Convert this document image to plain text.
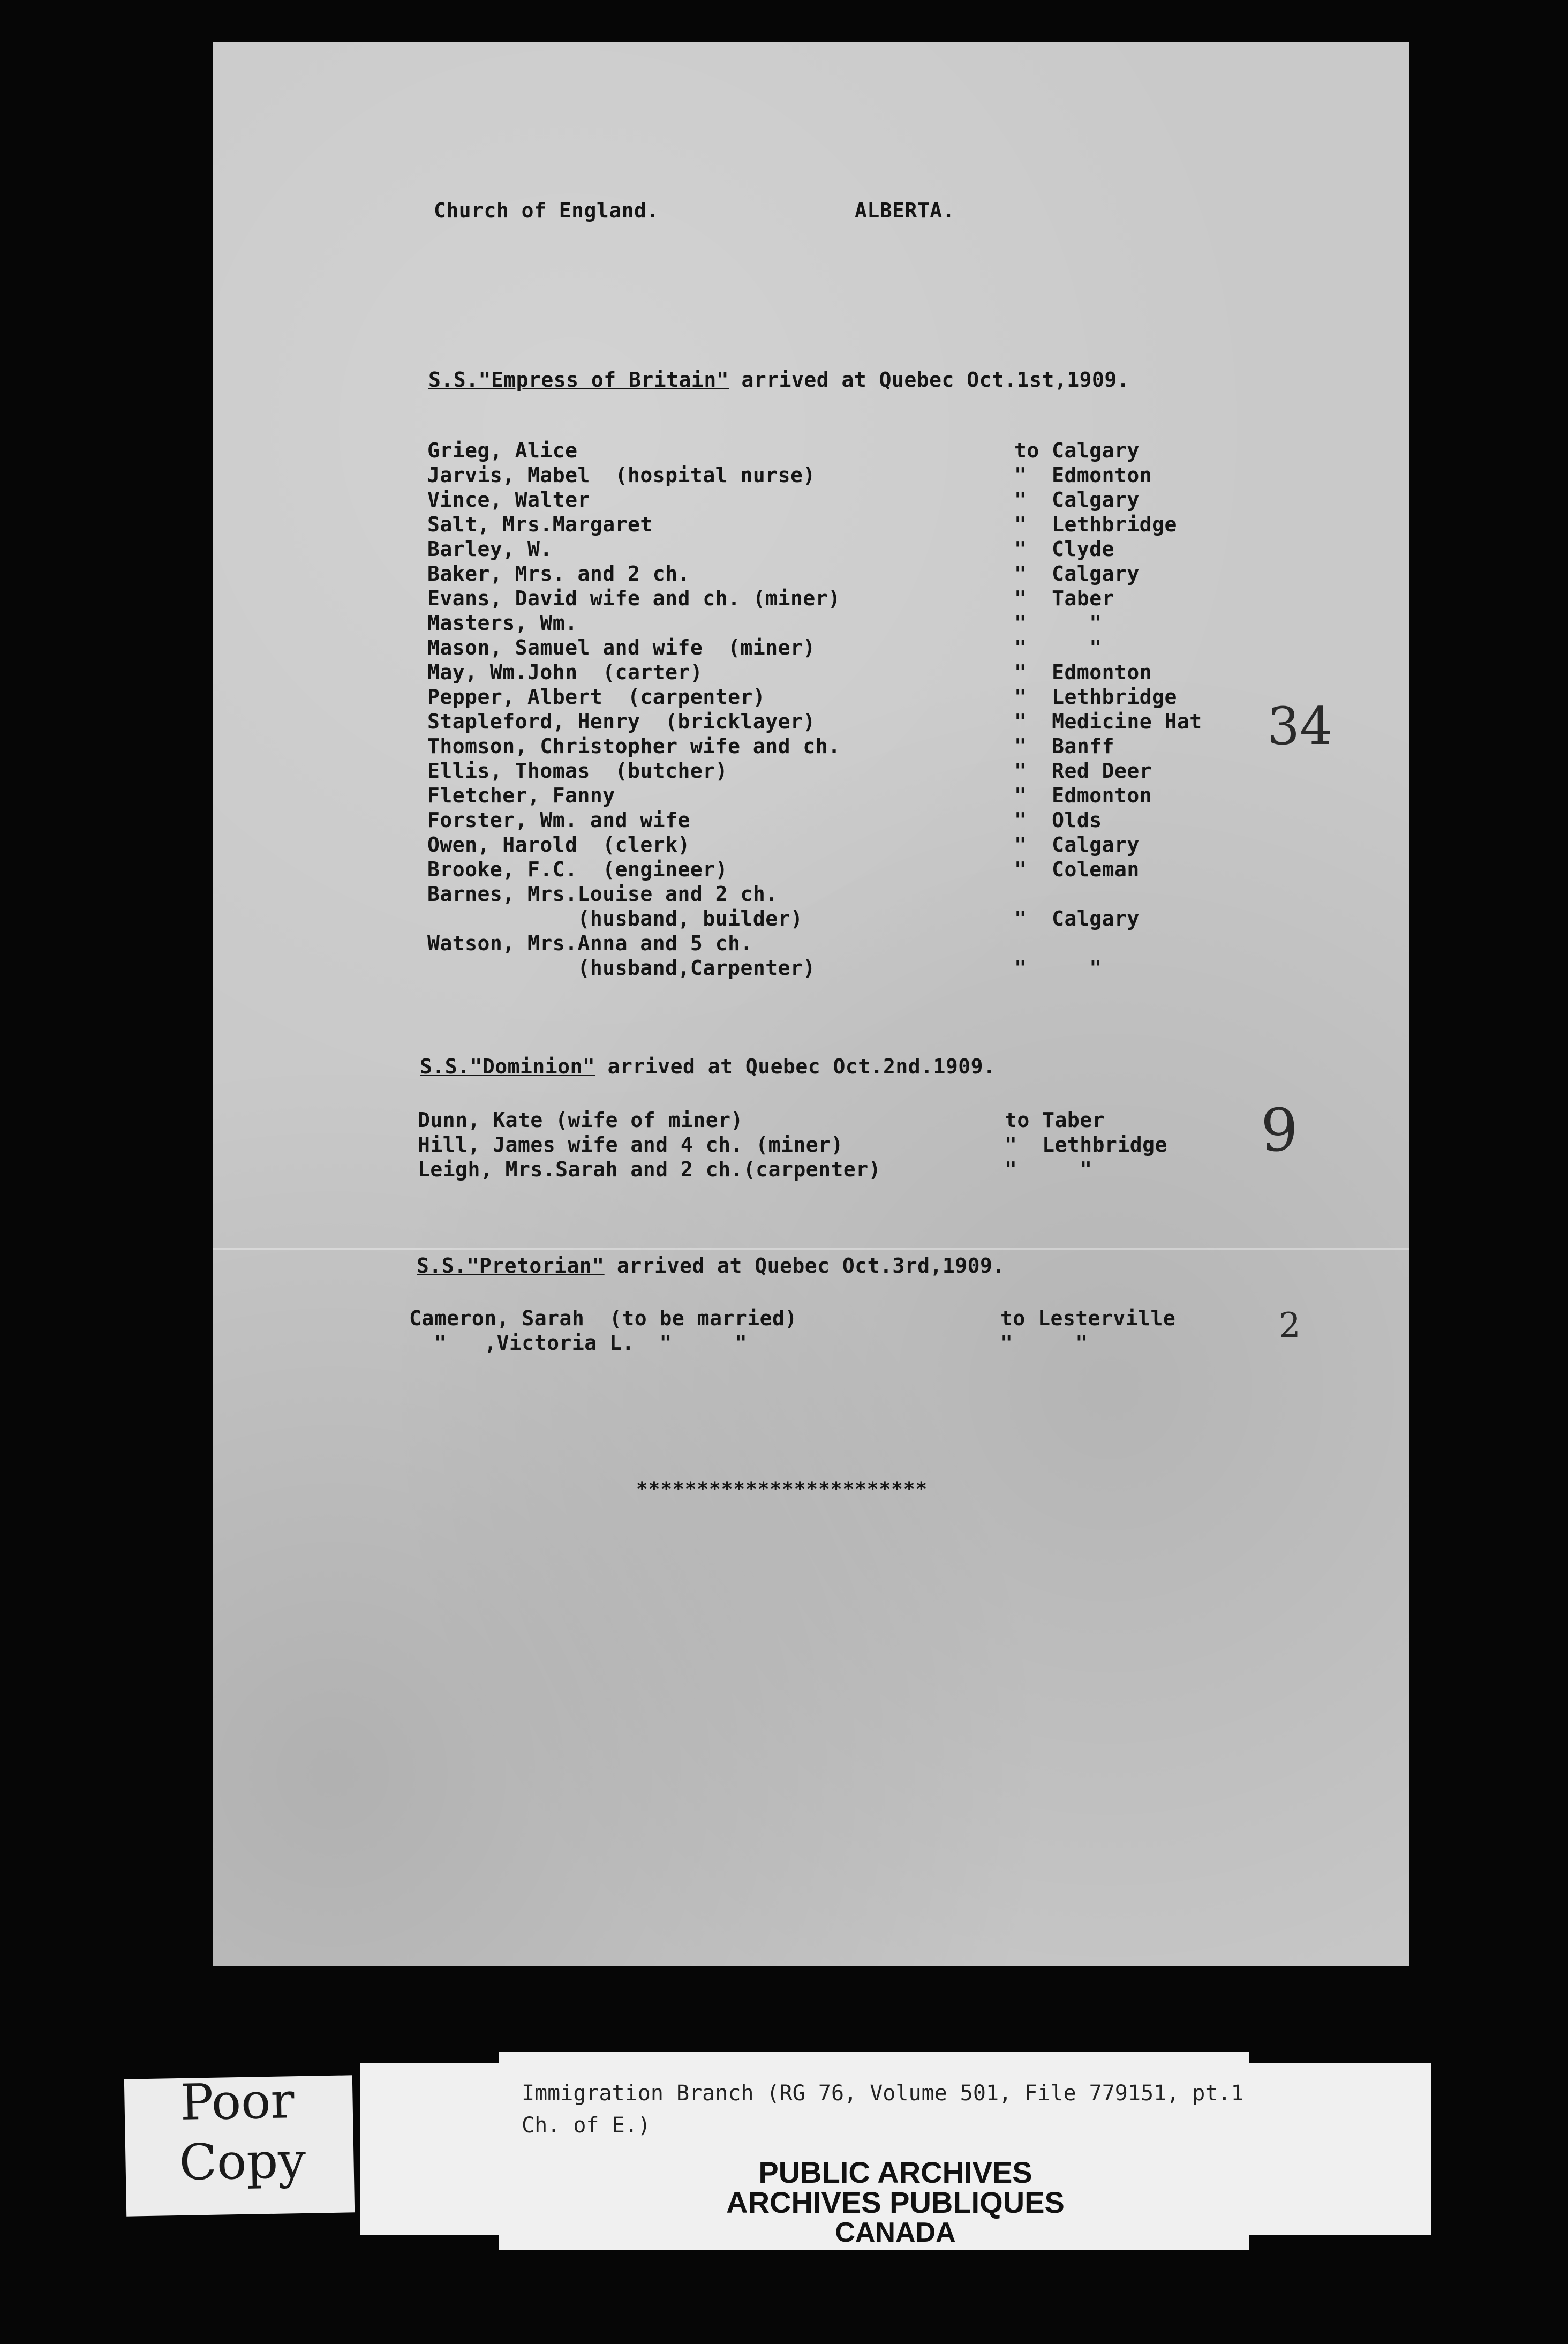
Church of England.	ALBERTA.
S.S."Empress of Britain" arrived at Quebec Oct.1st,1909.
Grieg, Alice	to Calgary
Jarvis, Mabel  (hospital nurse)	"  Edmonton
Vince, Walter	"  Calgary
Salt, Mrs.Margaret	"  Lethbridge
Barley, W.	"  Clyde
Baker, Mrs. and 2 ch.	"  Calgary
Evans, David wife and ch. (miner)	"  Taber
Masters, Wm.	"     "
Mason, Samuel and wife  (miner)	"     "
May, Wm.John  (carter)	"  Edmonton
Pepper, Albert  (carpenter)	"  Lethbridge
Stapleford, Henry  (bricklayer)	"  Medicine Hat
Thomson, Christopher wife and ch.	"  Banff
Ellis, Thomas  (butcher)	"  Red Deer
Fletcher, Fanny	"  Edmonton
Forster, Wm. and wife	"  Olds
Owen, Harold  (clerk)	"  Calgary
Brooke, F.C.  (engineer)	"  Coleman
Barnes, Mrs.Louise and 2 ch.
(husband, builder)	"  Calgary
Watson, Mrs.Anna and 5 ch.
(husband,Carpenter)	"     "
S.S."Dominion" arrived at Quebec Oct.2nd.1909.
Dunn, Kate (wife of miner)	to Taber
Hill, James wife and 4 ch. (miner)	"  Lethbridge
Leigh, Mrs.Sarah and 2 ch.(carpenter)	"     "
S.S."Pretorian" arrived at Quebec Oct.3rd,1909.
Cameron, Sarah  (to be married)	to Lesterville
"   ,Victoria L.  "     "	"     "
34
9
2
************************
Poor
Copy
Immigration Branch (RG 76, Volume 501, File 779151, pt.1
Ch. of E.)
PUBLIC ARCHIVES
ARCHIVES PUBLIQUES
CANADA
